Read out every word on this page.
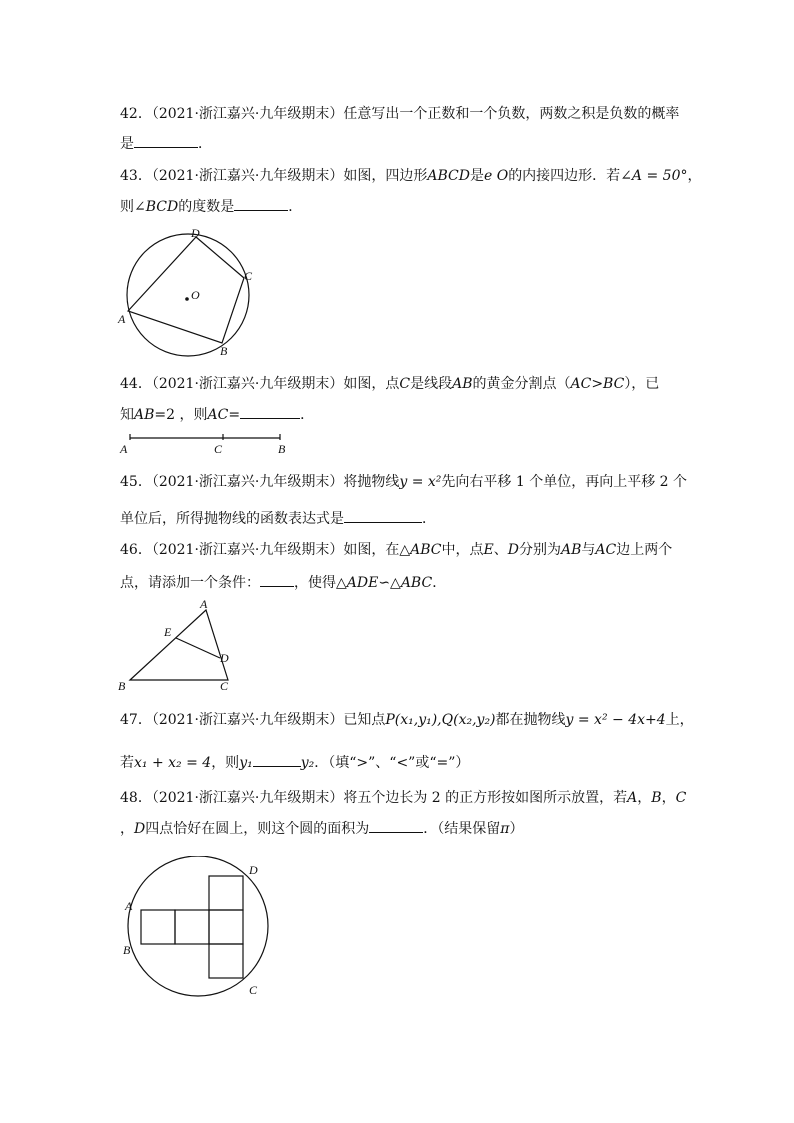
42．（2021·浙江嘉兴·九年级期末）任意写出一个正数和一个负数，两数之积是负数的概率
是	．
43．（2021·浙江嘉兴·九年级期末）如图，四边形ABCD是e O的内接四边形．若∠A = 50°，
则∠BCD的度数是	．
O
D
C
A
B
44．（2021·浙江嘉兴·九年级期末）如图，点C是线段AB的黄金分割点（AC>BC），已
知AB=2 ，则AC=	．
A	C	B
45．（2021·浙江嘉兴·九年级期末）将抛物线y = x²先向右平移 1 个单位，再向上平移 2 个
单位后，所得抛物线的函数表达式是	．
46．（2021·浙江嘉兴·九年级期末）如图，在△ABC中，点E、D分别为AB与AC边上两个
点，请添加一个条件： ，使得△ADE∽△ABC．
A
E
D
B	C
47．（2021·浙江嘉兴·九年级期末）已知点P(x₁,y₁),Q(x₂,y₂)都在抛物线y = x² − 4x+4上，
若x₁ + x₂ = 4，则y₁	y₂．（填“>”、“<”或“=”）
48．（2021·浙江嘉兴·九年级期末）将五个边长为 2 的正方形按如图所示放置，若A，B，C
，D四点恰好在圆上，则这个圆的面积为	．（结果保留π）
A
B
D
C
